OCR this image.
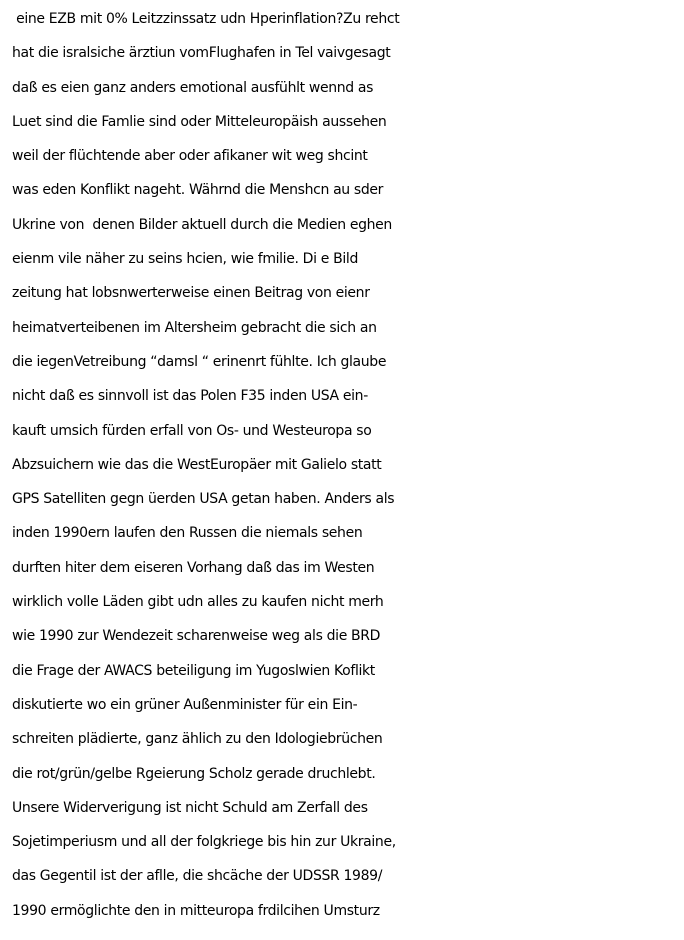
eine EZB mit 0% Leitzzinssatz udn Hperinflation?Zu rehct
hat die isralsiche ärztiun vomFlughafen in Tel vaivgesagt
daß es eien ganz anders emotional ausfühlt wennd as
Luet sind die Famlie sind oder Mitteleuropäish aussehen
weil der flüchtende aber oder afikaner wit weg shcint
was eden Konflikt nageht. Währnd die Menshcn au sder
Ukrine von  denen Bilder aktuell durch die Medien eghen
eienm vile näher zu seins hcien, wie fmilie. Di e Bild
zeitung hat lobsnwerterweise einen Beitrag von eienr
heimatverteibenen im Altersheim gebracht die sich an
die iegenVetreibung “damsl “ erinenrt fühlte. Ich glaube
nicht daß es sinnvoll ist das Polen F35 inden USA ein-
kauft umsich fürden erfall von Os- und Westeuropa so
Abzsuichern wie das die WestEuropäer mit Galielo statt
GPS Satelliten gegn üerden USA getan haben. Anders als
inden 1990ern laufen den Russen die niemals sehen
durften hiter dem eiseren Vorhang daß das im Westen
wirklich volle Läden gibt udn alles zu kaufen nicht merh
wie 1990 zur Wendezeit scharenweise weg als die BRD
die Frage der AWACS beteiligung im Yugoslwien Koflikt
diskutierte wo ein grüner Außenminister für ein Ein-
schreiten plädierte, ganz ählich zu den Idologiebrüchen
die rot/grün/gelbe Rgeierung Scholz gerade druchlebt.
Unsere Widerverigung ist nicht Schuld am Zerfall des
Sojetimperiusm und all der folgkriege bis hin zur Ukraine,
das Gegentil ist der aflle, die shcäche der UDSSR 1989/
1990 ermöglichte den in mitteuropa frdilcihen Umsturz
